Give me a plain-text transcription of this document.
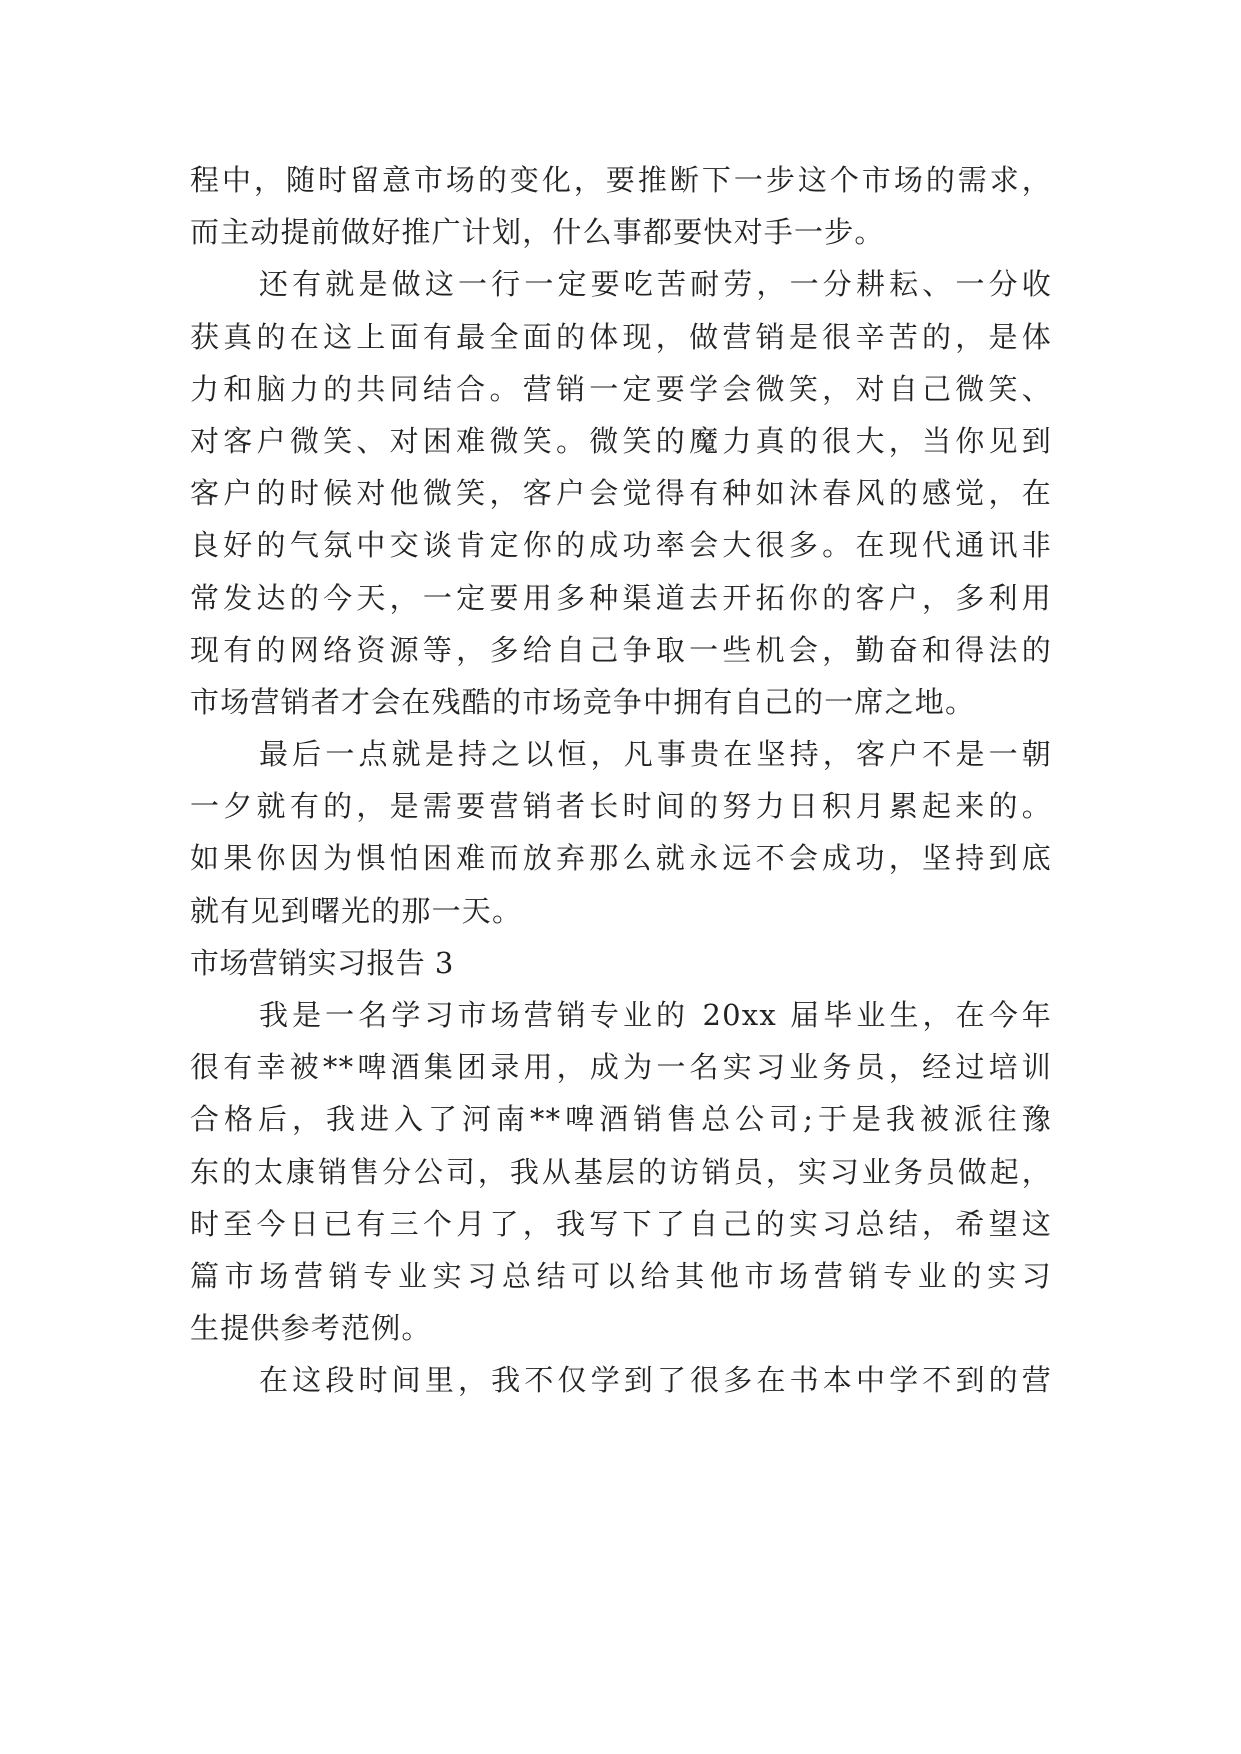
程中，随时留意市场的变化，要推断下一步这个市场的需求，
而主动提前做好推广计划，什么事都要快对手一步。
还有就是做这一行一定要吃苦耐劳，一分耕耘、一分收
获真的在这上面有最全面的体现，做营销是很辛苦的，是体
力和脑力的共同结合。营销一定要学会微笑，对自己微笑、
对客户微笑、对困难微笑。微笑的魔力真的很大，当你见到
客户的时候对他微笑，客户会觉得有种如沐春风的感觉，在
良好的气氛中交谈肯定你的成功率会大很多。在现代通讯非
常发达的今天，一定要用多种渠道去开拓你的客户，多利用
现有的网络资源等，多给自己争取一些机会，勤奋和得法的
市场营销者才会在残酷的市场竞争中拥有自己的一席之地。
最后一点就是持之以恒，凡事贵在坚持，客户不是一朝
一夕就有的，是需要营销者长时间的努力日积月累起来的。
如果你因为惧怕困难而放弃那么就永远不会成功，坚持到底
就有见到曙光的那一天。
市场营销实习报告 3
我是一名学习市场营销专业的 20xx 届毕业生，在今年
很有幸被**啤酒集团录用，成为一名实习业务员，经过培训
合格后，我进入了河南**啤酒销售总公司;于是我被派往豫
东的太康销售分公司，我从基层的访销员，实习业务员做起，
时至今日已有三个月了，我写下了自己的实习总结，希望这
篇市场营销专业实习总结可以给其他市场营销专业的实习
生提供参考范例。
在这段时间里，我不仅学到了很多在书本中学不到的营
